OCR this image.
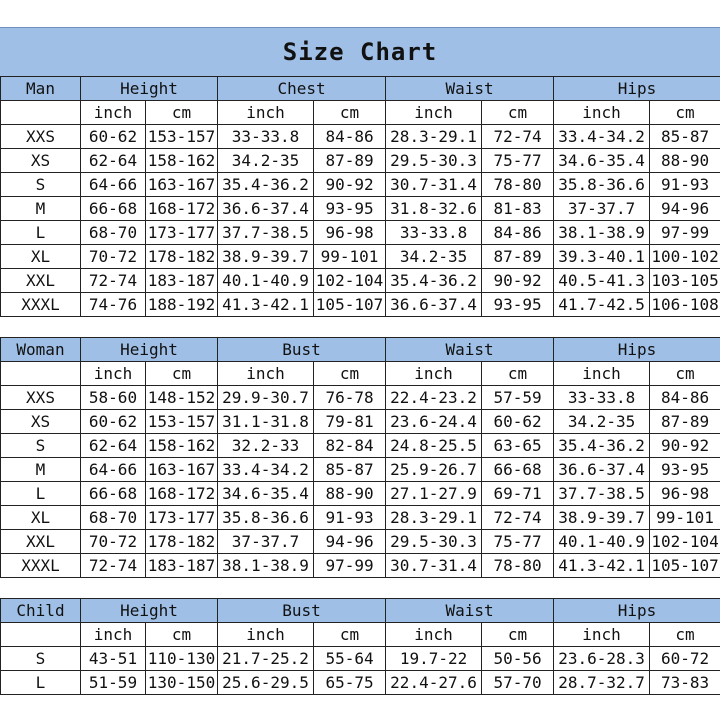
Size Chart
Man	Height		Chest		Waist		Hips	
	inch	cm	inch	cm	inch	cm	inch	cm
XXS	60-62	153-157	33-33.8	84-86	28.3-29.1	72-74	33.4-34.2	85-87
XS	62-64	158-162	34.2-35	87-89	29.5-30.3	75-77	34.6-35.4	88-90
S	64-66	163-167	35.4-36.2	90-92	30.7-31.4	78-80	35.8-36.6	91-93
M	66-68	168-172	36.6-37.4	93-95	31.8-32.6	81-83	37-37.7	94-96
L	68-70	173-177	37.7-38.5	96-98	33-33.8	84-86	38.1-38.9	97-99
XL	70-72	178-182	38.9-39.7	99-101	34.2-35	87-89	39.3-40.1	100-102
XXL	72-74	183-187	40.1-40.9	102-104	35.4-36.2	90-92	40.5-41.3	103-105
XXXL	74-76	188-192	41.3-42.1	105-107	36.6-37.4	93-95	41.7-42.5	106-108

Woman	Height		Bust		Waist		Hips	
	inch	cm	inch	cm	inch	cm	inch	cm
XXS	58-60	148-152	29.9-30.7	76-78	22.4-23.2	57-59	33-33.8	84-86
XS	60-62	153-157	31.1-31.8	79-81	23.6-24.4	60-62	34.2-35	87-89
S	62-64	158-162	32.2-33	82-84	24.8-25.5	63-65	35.4-36.2	90-92
M	64-66	163-167	33.4-34.2	85-87	25.9-26.7	66-68	36.6-37.4	93-95
L	66-68	168-172	34.6-35.4	88-90	27.1-27.9	69-71	37.7-38.5	96-98
XL	68-70	173-177	35.8-36.6	91-93	28.3-29.1	72-74	38.9-39.7	99-101
XXL	70-72	178-182	37-37.7	94-96	29.5-30.3	75-77	40.1-40.9	102-104
XXXL	72-74	183-187	38.1-38.9	97-99	30.7-31.4	78-80	41.3-42.1	105-107

Child	Height		Bust		Waist		Hips	
	inch	cm	inch	cm	inch	cm	inch	cm
S	43-51	110-130	21.7-25.2	55-64	19.7-22	50-56	23.6-28.3	60-72
L	51-59	130-150	25.6-29.5	65-75	22.4-27.6	57-70	28.7-32.7	73-83
